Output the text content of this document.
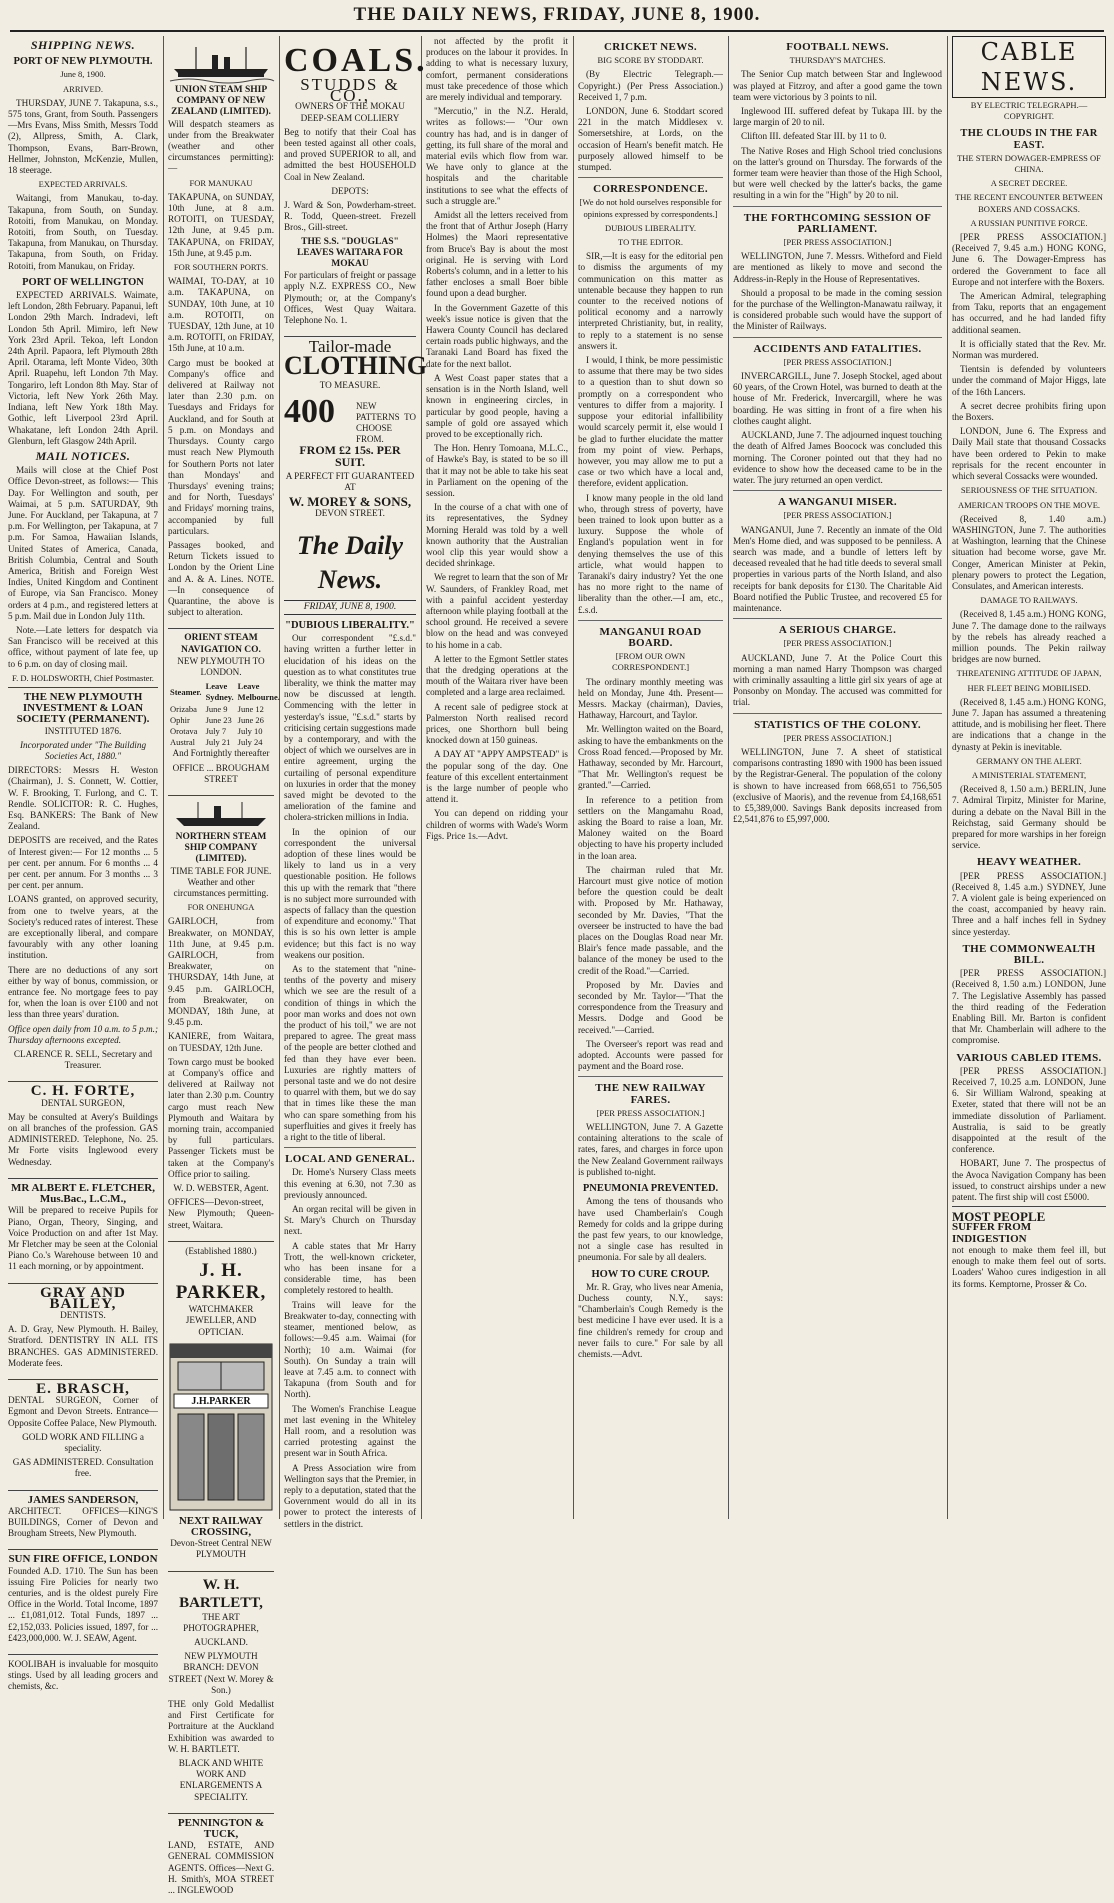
THE DAILY NEWS, FRIDAY, JUNE 8, 1900.
SHIPPING NEWS.
PORT OF NEW PLYMOUTH.

June 8, 1900.

ARRIVED.

THURSDAY, JUNE 7. Takapuna, s.s., 575 tons, Grant, from South. Passengers—Mrs Evans, Miss Smith, Messrs Todd (2), Allpress, Smith, A. Clark, Thompson, Evans, Barr-Brown, Hellmer, Johnston, McKenzie, Mullen, 18 steerage.

EXPECTED ARRIVALS.

Waitangi, from Manukau, to-day. Takapuna, from South, on Sunday. Rotoiti, from Manukau, on Monday. Rotoiti, from South, on Tuesday. Takapuna, from Manukau, on Thursday. Takapuna, from South, on Friday. Rotoiti, from Manukau, on Friday.

PORT OF WELLINGTON

EXPECTED ARRIVALS. Waimate, left London, 28th February. Papanui, left London 29th March. Indradevi, left London 5th April. Mimiro, left New York 23rd April. Tekoa, left London 24th April. Papaora, left Plymouth 28th April. Otarama, left Monte Video, 30th April. Ruapehu, left London 7th May. Tongariro, left London 8th May. Star of Victoria, left New York 26th May. Indiana, left New York 18th May. Gothic, left Liverpool 23rd April. Whakatane, left London 24th April. Glenburn, left Glasgow 24th April.

MAIL NOTICES.

Mails will close at the Chief Post Office Devon-street, as follows:— This Day. For Wellington and south, per Waimai, at 5 p.m. SATURDAY, 9th June. For Auckland, per Takapuna, at 7 p.m. For Wellington, per Takapuna, at 7 p.m. For Samoa, Hawaiian Islands, United States of America, Canada, British Columbia, Central and South America, British and Foreign West Indies, United Kingdom and Continent of Europe, via San Francisco. Money orders at 4 p.m., and registered letters at 5 p.m. Mail due in London July 11th.

Note.—Late letters for despatch via San Francisco will be received at this office, without payment of late fee, up to 6 p.m. on day of closing mail.

F. D. HOLDSWORTH, Chief Postmaster.

THE NEW PLYMOUTH INVESTMENT & LOAN SOCIETY (PERMANENT).

INSTITUTED 1876.

Incorporated under "The Building Societies Act, 1880."

DIRECTORS: Messrs H. Weston (Chairman), J. S. Connett, W. Cottier, W. F. Brooking, T. Furlong, and C. T. Rendle. SOLICITOR: R. C. Hughes, Esq. BANKERS: The Bank of New Zealand.

DEPOSITS are received, and the Rates of Interest given:— For 12 months ... 5 per cent. per annum. For 6 months ... 4 per cent. per annum. For 3 months ... 3 per cent. per annum.

LOANS granted, on approved security, from one to twelve years, at the Society's reduced rates of interest. These are exceptionally liberal, and compare favourably with any other loaning institution.

There are no deductions of any sort either by way of bonus, commission, or entrance fee. No mortgage fees to pay for, when the loan is over £100 and not less than three years' duration.

Office open daily from 10 a.m. to 5 p.m.; Thursday afternoons excepted.

CLARENCE R. SELL, Secretary and Treasurer.

C. H. FORTE,

DENTAL SURGEON,

May be consulted at Avery's Buildings on all branches of the profession. GAS ADMINISTERED. Telephone, No. 25. Mr Forte visits Inglewood every Wednesday.

MR ALBERT E. FLETCHER, Mus.Bac., L.C.M.,

Will be prepared to receive Pupils for Piano, Organ, Theory, Singing, and Voice Production on and after 1st May. Mr Fletcher may be seen at the Colonial Piano Co.'s Warehouse between 10 and 11 each morning, or by appointment.

GRAY AND BAILEY,

DENTISTS.

A. D. Gray, New Plymouth. H. Bailey, Stratford. DENTISTRY IN ALL ITS BRANCHES. GAS ADMINISTERED. Moderate fees.

E. BRASCH,

DENTAL SURGEON, Corner of Egmont and Devon Streets. Entrance—Opposite Coffee Palace, New Plymouth.

GOLD WORK AND FILLING a speciality.

GAS ADMINISTERED. Consultation free.

JAMES SANDERSON,

ARCHITECT. OFFICES—KING'S BUILDINGS, Corner of Devon and Brougham Streets, New Plymouth.

SUN FIRE OFFICE, LONDON

Founded A.D. 1710. The Sun has been issuing Fire Policies for nearly two centuries, and is the oldest purely Fire Office in the World. Total Income, 1897 ... £1,081,012. Total Funds, 1897 ... £2,152,033. Policies issued, 1897, for ... £423,000,000. W. J. SEAW, Agent.

KOOLIBAH is invaluable for mosquito stings. Used by all leading grocers and chemists, &c.

UNION STEAM SHIP COMPANY OF NEW ZEALAND (LIMITED).

Will despatch steamers as under from the Breakwater (weather and other circumstances permitting):—

FOR MANUKAU

TAKAPUNA, on SUNDAY, 10th June, at 8 a.m. ROTOITI, on TUESDAY, 12th June, at 9.45 p.m. TAKAPUNA, on FRIDAY, 15th June, at 9.45 p.m.

FOR SOUTHERN PORTS.

WAIMAI, TO-DAY, at 10 a.m. TAKAPUNA, on SUNDAY, 10th June, at 10 a.m. ROTOITI, on TUESDAY, 12th June, at 10 a.m. ROTOITI, on FRIDAY, 15th June, at 10 a.m.

Cargo must be booked at Company's office and delivered at Railway not later than 2.30 p.m. on Tuesdays and Fridays for Auckland, and for South at 5 p.m. on Mondays and Thursdays. County cargo must reach New Plymouth for Southern Ports not later than Mondays' and Thursdays' evening trains; and for North, Tuesdays' and Fridays' morning trains, accompanied by full particulars.

Passages booked, and Return Tickets issued to London by the Orient Line and A. & A. Lines. NOTE.—In consequence of Quarantine, the above is subject to alteration.

ORIENT STEAM NAVIGATION CO.

NEW PLYMOUTH TO LONDON.

Steamer.	Leave Sydney.	Leave Melbourne.
Orizaba	June 9	June 12
Ophir	June 23	June 26
Orotava	July 7	July 10
Austral	July 21	July 24

And Fortnightly thereafter

OFFICE ... BROUGHAM STREET

NORTHERN STEAM SHIP COMPANY (LIMITED).

TIME TABLE FOR JUNE. Weather and other circumstances permitting.

FOR ONEHUNGA

GAIRLOCH, from Breakwater, on MONDAY, 11th June, at 9.45 p.m. GAIRLOCH, from Breakwater, on THURSDAY, 14th June, at 9.45 p.m. GAIRLOCH, from Breakwater, on MONDAY, 18th June, at 9.45 p.m.

KANIERE, from Waitara, on TUESDAY, 12th June.

Town cargo must be booked at Company's office and delivered at Railway not later than 2.30 p.m. Country cargo must reach New Plymouth and Waitara by morning train, accompanied by full particulars. Passenger Tickets must be taken at the Company's Office prior to sailing.

W. D. WEBSTER, Agent.

OFFICES—Devon-street, New Plymouth; Queen-street, Waitara.

(Established 1880.)

J. H. PARKER,

WATCHMAKER JEWELLER, AND OPTICIAN.

J.H.PARKER
NEXT RAILWAY CROSSING,

Devon-Street Central NEW PLYMOUTH

W. H. BARTLETT,

THE ART PHOTOGRAPHER,

AUCKLAND.

NEW PLYMOUTH BRANCH: DEVON STREET (Next W. Morey & Son.)

THE only Gold Medallist and First Certificate for Portraiture at the Auckland Exhibition was awarded to W. H. BARTLETT.

BLACK AND WHITE WORK AND ENLARGEMENTS A SPECIALITY.

PENNINGTON & TUCK,

LAND, ESTATE, AND GENERAL COMMISSION AGENTS. Offices—Next G. H. Smith's, MOA STREET ... INGLEWOOD

COALS.
STUDDS & CO.,

OWNERS OF THE MOKAU DEEP-SEAM COLLIERY

Beg to notify that their Coal has been tested against all other coals, and proved SUPERIOR to all, and admitted the best HOUSEHOLD Coal in New Zealand.

DEPOTS:

J. Ward & Son, Powderham-street. R. Todd, Queen-street. Frezell Bros., Gill-street.

THE S.S. "DOUGLAS" LEAVES WAITARA FOR MOKAU

For particulars of freight or passage apply N.Z. EXPRESS CO., New Plymouth; or, at the Company's Offices, West Quay Waitara. Telephone No. 1.

Tailor-made
CLOTHING

TO MEASURE.

400 NEW PATTERNS TO CHOOSE FROM.

FROM £2 15s. PER SUIT.

A PERFECT FIT GUARANTEED AT

W. MOREY & SONS,

DEVON STREET.

The Daily News.
FRIDAY, JUNE 8, 1900.
"DUBIOUS LIBERALITY."

Our correspondent "£.s.d." having written a further letter in elucidation of his ideas on the question as to what constitutes true liberality, we think the matter may now be discussed at length. Commencing with the letter in yesterday's issue, "£.s.d." starts by criticising certain suggestions made by a contemporary, and with the object of which we ourselves are in entire agreement, urging the curtailing of personal expenditure on luxuries in order that the money saved might be devoted to the amelioration of the famine and cholera-stricken millions in India.

In the opinion of our correspondent the universal adoption of these lines would be likely to land us in a very questionable position. He follows this up with the remark that "there is no subject more surrounded with aspects of fallacy than the question of expenditure and economy." That this is so his own letter is ample evidence; but this fact is no way weakens our position.

As to the statement that "nine-tenths of the poverty and misery which we see are the result of a condition of things in which the poor man works and does not own the product of his toil," we are not prepared to agree. The great mass of the people are better clothed and fed than they have ever been. Luxuries are rightly matters of personal taste and we do not desire to quarrel with them, but we do say that in times like these the man who can spare something from his superfluities and gives it freely has a right to the title of liberal.

LOCAL AND GENERAL.

Dr. Home's Nursery Class meets this evening at 6.30, not 7.30 as previously announced.

An organ recital will be given in St. Mary's Church on Thursday next.

A cable states that Mr Harry Trott, the well-known cricketer, who has been insane for a considerable time, has been completely restored to health.

Trains will leave for the Breakwater to-day, connecting with steamer, mentioned below, as follows:—9.45 a.m. Waimai (for North); 10 a.m. Waimai (for South). On Sunday a train will leave at 7.45 a.m. to connect with Takapuna (from South and for North).

The Women's Franchise League met last evening in the Whiteley Hall room, and a resolution was carried protesting against the present war in South Africa.

A Press Association wire from Wellington says that the Premier, in reply to a deputation, stated that the Government would do all in its power to protect the interests of settlers in the district.

not affected by the profit it produces on the labour it provides. In adding to what is necessary luxury, comfort, permanent considerations must take precedence of those which are merely individual and temporary.

"Mercutio," in the N.Z. Herald, writes as follows:— "Our own country has had, and is in danger of getting, its full share of the moral and material evils which flow from war. We have only to glance at the hospitals and the charitable institutions to see what the effects of such a struggle are."

Amidst all the letters received from the front that of Arthur Joseph (Harry Holmes) the Maori representative from Bruce's Bay is about the most original. He is serving with Lord Roberts's column, and in a letter to his father encloses a small Boer bible found upon a dead burgher.

In the Government Gazette of this week's issue notice is given that the Hawera County Council has declared certain roads public highways, and the Taranaki Land Board has fixed the date for the next ballot.

A West Coast paper states that a sensation is in the North Island, well known in engineering circles, in particular by good people, having a sample of gold ore assayed which proved to be exceptionally rich.

The Hon. Henry Tomoana, M.L.C., of Hawke's Bay, is stated to be so ill that it may not be able to take his seat in Parliament on the opening of the session.

In the course of a chat with one of its representatives, the Sydney Morning Herald was told by a well known authority that the Australian wool clip this year would show a decided shrinkage.

We regret to learn that the son of Mr W. Saunders, of Frankley Road, met with a painful accident yesterday afternoon while playing football at the school ground. He received a severe blow on the head and was conveyed to his home in a cab.

A letter to the Egmont Settler states that the dredging operations at the mouth of the Waitara river have been completed and a large area reclaimed.

A recent sale of pedigree stock at Palmerston North realised record prices, one Shorthorn bull being knocked down at 150 guineas.

A DAY AT "APPY AMPSTEAD" is the popular song of the day. One feature of this excellent entertainment is the large number of people who attend it.

You can depend on ridding your children of worms with Wade's Worm Figs. Price 1s.—Advt.

CRICKET NEWS.

BIG SCORE BY STODDART.

(By Electric Telegraph.—Copyright.) (Per Press Association.) Received 1, 7 p.m.

LONDON, June 6. Stoddart scored 221 in the match Middlesex v. Somersetshire, at Lords, on the occasion of Hearn's benefit match. He purposely allowed himself to be stumped.

CORRESPONDENCE.

[We do not hold ourselves responsible for opinions expressed by correspondents.]

DUBIOUS LIBERALITY.

TO THE EDITOR.

SIR,—It is easy for the editorial pen to dismiss the arguments of my communication on this matter as untenable because they happen to run counter to the received notions of political economy and a narrowly interpreted Christianity, but, in reality, to reply to a statement is no sense answers it.

I would, I think, be more pessimistic to assume that there may be two sides to a question than to shut down so promptly on a correspondent who ventures to differ from a majority. I suppose your editorial infallibility would scarcely permit it, else would I be glad to further elucidate the matter from my point of view. Perhaps, however, you may allow me to put a case or two which have a local and, therefore, evident application.

I know many people in the old land who, through stress of poverty, have been trained to look upon butter as a luxury. Suppose the whole of England's population went in for denying themselves the use of this article, what would happen to Taranaki's dairy industry? Yet the one has no more right to the name of liberality than the other.—I am, etc., £.s.d.

MANGANUI ROAD BOARD.

[FROM OUR OWN CORRESPONDENT.]

The ordinary monthly meeting was held on Monday, June 4th. Present—Messrs. Mackay (chairman), Davies, Hathaway, Harcourt, and Taylor.

Mr. Wellington waited on the Board, asking to have the embankments on the Cross Road fenced.—Proposed by Mr. Hathaway, seconded by Mr. Harcourt, "That Mr. Wellington's request be granted."—Carried.

In reference to a petition from settlers on the Mangamahu Road, asking the Board to raise a loan, Mr. Maloney waited on the Board objecting to have his property included in the loan area.

The chairman ruled that Mr. Harcourt must give notice of motion before the question could be dealt with. Proposed by Mr. Hathaway, seconded by Mr. Davies, "That the overseer be instructed to have the bad places on the Douglas Road near Mr. Blair's fence made passable, and the balance of the money be used to the credit of the Road."—Carried.

Proposed by Mr. Davies and seconded by Mr. Taylor—"That the correspondence from the Treasury and Messrs. Dodge and Good be received."—Carried.

The Overseer's report was read and adopted. Accounts were passed for payment and the Board rose.

THE NEW RAILWAY FARES.

[PER PRESS ASSOCIATION.]

WELLINGTON, June 7. A Gazette containing alterations to the scale of rates, fares, and charges in force upon the New Zealand Government railways is published to-night.

PNEUMONIA PREVENTED.

Among the tens of thousands who have used Chamberlain's Cough Remedy for colds and la grippe during the past few years, to our knowledge, not a single case has resulted in pneumonia. For sale by all dealers.

HOW TO CURE CROUP.

Mr. R. Gray, who lives near Amenia, Duchess county, N.Y., says: "Chamberlain's Cough Remedy is the best medicine I have ever used. It is a fine children's remedy for croup and never fails to cure." For sale by all chemists.—Advt.

FOOTBALL NEWS.

THURSDAY'S MATCHES.

The Senior Cup match between Star and Inglewood was played at Fitzroy, and after a good game the town team were victorious by 3 points to nil.

Inglewood III. suffered defeat by Tukapa III. by the large margin of 20 to nil.

Clifton III. defeated Star III. by 11 to 0.

The Native Roses and High School tried conclusions on the latter's ground on Thursday. The forwards of the former team were heavier than those of the High School, but were well checked by the latter's backs, the game resulting in a win for the "High" by 20 to nil.

THE FORTHCOMING SESSION OF PARLIAMENT.

[PER PRESS ASSOCIATION.]

WELLINGTON, June 7. Messrs. Witheford and Field are mentioned as likely to move and second the Address-in-Reply in the House of Representatives.

Should a proposal to be made in the coming session for the purchase of the Wellington-Manawatu railway, it is considered probable such would have the support of the Minister of Railways.

ACCIDENTS AND FATALITIES.

[PER PRESS ASSOCIATION.]

INVERCARGILL, June 7. Joseph Stockel, aged about 60 years, of the Crown Hotel, was burned to death at the house of Mr. Frederick, Invercargill, where he was boarding. He was sitting in front of a fire when his clothes caught alight.

AUCKLAND, June 7. The adjourned inquest touching the death of Alfred James Boocock was concluded this morning. The Coroner pointed out that they had no evidence to show how the deceased came to be in the water. The jury returned an open verdict.

A WANGANUI MISER.

[PER PRESS ASSOCIATION.]

WANGANUI, June 7. Recently an inmate of the Old Men's Home died, and was supposed to be penniless. A search was made, and a bundle of letters left by deceased revealed that he had title deeds to several small properties in various parts of the North Island, and also receipts for bank deposits for £130. The Charitable Aid Board notified the Public Trustee, and recovered £5 for maintenance.

A SERIOUS CHARGE.

[PER PRESS ASSOCIATION.]

AUCKLAND, June 7. At the Police Court this morning a man named Harry Thompson was charged with criminally assaulting a little girl six years of age at Ponsonby on Monday. The accused was committed for trial.

STATISTICS OF THE COLONY.

[PER PRESS ASSOCIATION.]

WELLINGTON, June 7. A sheet of statistical comparisons contrasting 1890 with 1900 has been issued by the Registrar-General. The population of the colony is shown to have increased from 668,651 to 756,505 (exclusive of Maoris), and the revenue from £4,168,651 to £5,389,000. Savings Bank deposits increased from £2,541,876 to £5,997,000.

CABLE NEWS.

BY ELECTRIC TELEGRAPH.—COPYRIGHT.

THE CLOUDS IN THE FAR EAST.

THE STERN DOWAGER-EMPRESS OF CHINA.

A SECRET DECREE.

THE RECENT ENCOUNTER BETWEEN BOXERS AND COSSACKS.

A RUSSIAN PUNITIVE FORCE.

[PER PRESS ASSOCIATION.] (Received 7, 9.45 a.m.) HONG KONG, June 6. The Dowager-Empress has ordered the Government to face all Europe and not interfere with the Boxers.

The American Admiral, telegraphing from Taku, reports that an engagement has occurred, and he had landed fifty additional seamen.

It is officially stated that the Rev. Mr. Norman was murdered.

Tientsin is defended by volunteers under the command of Major Higgs, late of the 16th Lancers.

A secret decree prohibits firing upon the Boxers.

LONDON, June 6. The Express and Daily Mail state that thousand Cossacks have been ordered to Pekin to make reprisals for the recent encounter in which several Cossacks were wounded.

SERIOUSNESS OF THE SITUATION.

AMERICAN TROOPS ON THE MOVE.

(Received 8, 1.40 a.m.) WASHINGTON, June 7. The authorities at Washington, learning that the Chinese situation had become worse, gave Mr. Conger, American Minister at Pekin, plenary powers to protect the Legation, Consulates, and American interests.

DAMAGE TO RAILWAYS.

(Received 8, 1.45 a.m.) HONG KONG, June 7. The damage done to the railways by the rebels has already reached a million pounds. The Pekin railway bridges are now burned.

THREATENING ATTITUDE OF JAPAN,

HER FLEET BEING MOBILISED.

(Received 8, 1.45 a.m.) HONG KONG, June 7. Japan has assumed a threatening attitude, and is mobilising her fleet. There are indications that a change in the dynasty at Pekin is inevitable.

GERMANY ON THE ALERT.

A MINISTERIAL STATEMENT,

(Received 8, 1.50 a.m.) BERLIN, June 7. Admiral Tirpitz, Minister for Marine, during a debate on the Naval Bill in the Reichstag, said Germany should be prepared for more warships in her foreign service.

HEAVY WEATHER.

[PER PRESS ASSOCIATION.] (Received 8, 1.45 a.m.) SYDNEY, June 7. A violent gale is being experienced on the coast, accompanied by heavy rain. Three and a half inches fell in Sydney since yesterday.

THE COMMONWEALTH BILL.

[PER PRESS ASSOCIATION.] (Received 8, 1.50 a.m.) LONDON, June 7. The Legislative Assembly has passed the third reading of the Federation Enabling Bill. Mr. Barton is confident that Mr. Chamberlain will adhere to the compromise.

VARIOUS CABLED ITEMS.

[PER PRESS ASSOCIATION.] Received 7, 10.25 a.m. LONDON, June 6. Sir William Walrond, speaking at Exeter, stated that there will not be an immediate dissolution of Parliament. Australia, is said to be greatly disappointed at the result of the conference.

HOBART, June 7. The prospectus of the Avoca Navigation Company has been issued, to construct airships under a new patent. The first ship will cost £5000.

MOST PEOPLE
SUFFER FROM INDIGESTION

not enough to make them feel ill, but enough to make them feel out of sorts. Loaders' Wahoo cures indigestion in all its forms. Kemptorne, Prosser & Co.
